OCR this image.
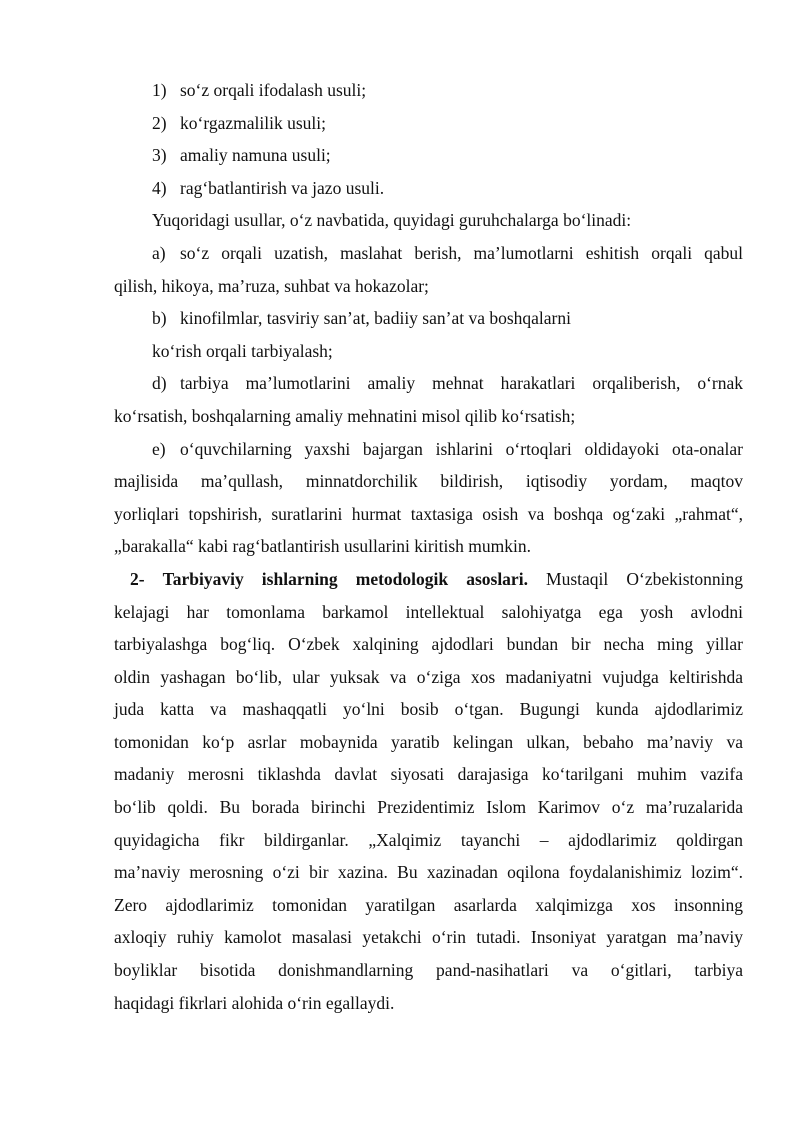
1) so‘z orqali ifodalash usuli;
2) ko‘rgazmalilik usuli;
3) amaliy namuna usuli;
4) rag‘batlantirish va jazo usuli.
Yuqoridagi usullar, o‘z navbatida, quyidagi guruhchalarga bo‘linadi:
a) so‘z orqali uzatish, maslahat berish, ma’lumotlarni eshitish orqali qabul
qilish, hikoya, ma’ruza, suhbat va hokazolar;
b) kinofilmlar, tasviriy san’at, badiiy san’at va boshqalarni
ko‘rish orqali tarbiyalash;
d) tarbiya ma’lumotlarini amaliy mehnat harakatlari orqaliberish, o‘rnak
ko‘rsatish, boshqalarning amaliy mehnatini misol qilib ko‘rsatish;
e) o‘quvchilarning yaxshi bajargan ishlarini o‘rtoqlari oldidayoki ota-onalar
majlisida ma’qullash, minnatdorchilik bildirish, iqtisodiy yordam, maqtov
yorliqlari topshirish, suratlarini hurmat taxtasiga osish va boshqa og‘zaki „rahmat“,
„barakalla“ kabi rag‘batlantirish usullarini kiritish mumkin.
2- Tarbiyaviy ishlarning metodologik asoslari. Mustaqil O‘zbekistonning
kelajagi har tomonlama barkamol intellektual salohiyatga ega yosh avlodni
tarbiyalashga bog‘liq. O‘zbek xalqining ajdodlari bundan bir necha ming yillar
oldin yashagan bo‘lib, ular yuksak va o‘ziga xos madaniyatni vujudga keltirishda
juda katta va mashaqqatli yo‘lni bosib o‘tgan. Bugungi kunda ajdodlarimiz
tomonidan ko‘p asrlar mobaynida yaratib kelingan ulkan, bebaho ma’naviy va
madaniy merosni tiklashda davlat siyosati darajasiga ko‘tarilgani muhim vazifa
bo‘lib qoldi. Bu borada birinchi Prezidentimiz Islom Karimov o‘z ma’ruzalarida
quyidagicha fikr bildirganlar. „Xalqimiz tayanchi – ajdodlarimiz qoldirgan
ma’naviy merosning o‘zi bir xazina. Bu xazinadan oqilona foydalanishimiz lozim“.
Zero ajdodlarimiz tomonidan yaratilgan asarlarda xalqimizga xos insonning
axloqiy ruhiy kamolot masalasi yetakchi o‘rin tutadi. Insoniyat yaratgan ma’naviy
boyliklar bisotida donishmandlarning pand-nasihatlari va o‘gitlari, tarbiya
haqidagi fikrlari alohida o‘rin egallaydi.
